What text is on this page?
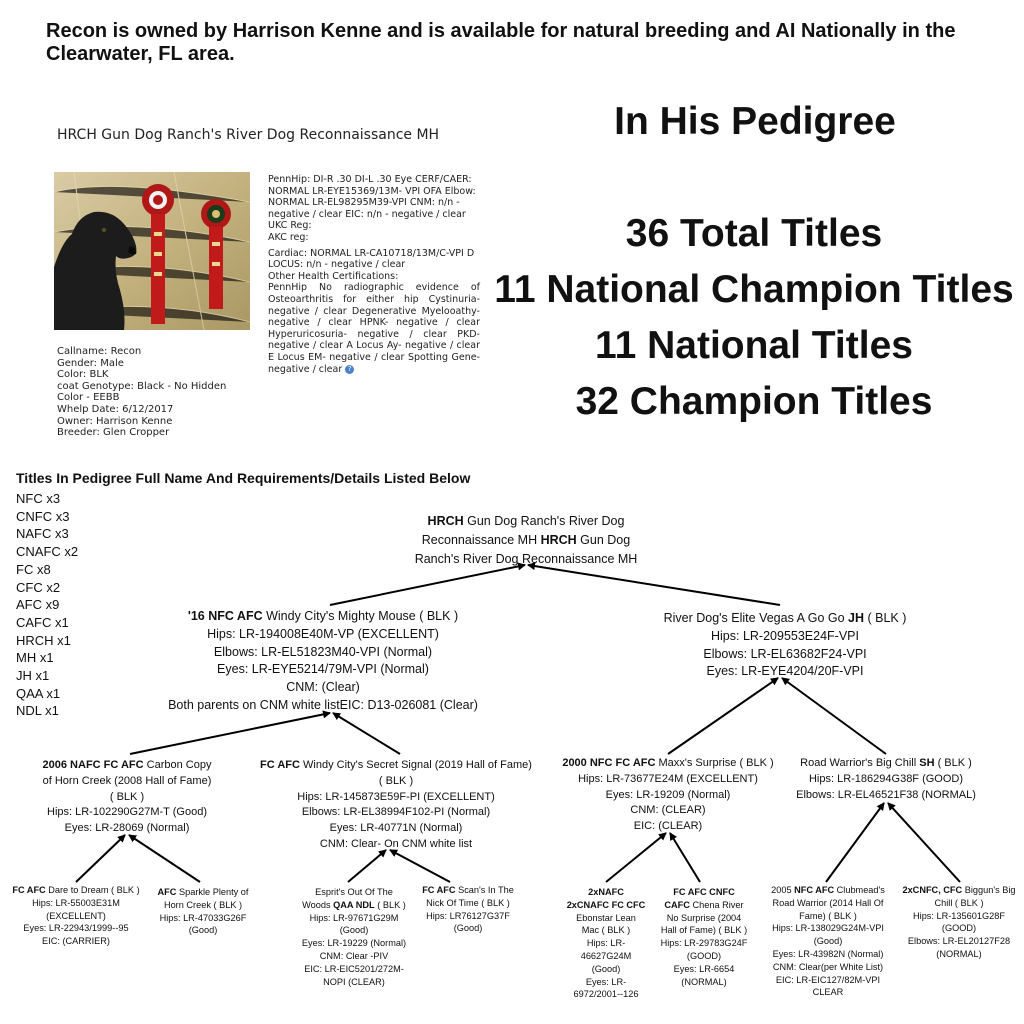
Recon is owned by Harrison Kenne and is available for natural breeding and AI Nationally in the Clearwater, FL area.
In His Pedigree
36 Total Titles
11 National Champion Titles
11 National Titles
32 Champion Titles
HRCH Gun Dog Ranch's River Dog Reconnaissance MH
Callname: Recon
Gender: Male
Color: BLK
coat Genotype: Black - No Hidden
Color - EEBB
Whelp Date: 6/12/2017
Owner: Harrison Kenne
Breeder: Glen Cropper

PennHip: DI-R .30 DI-L .30 Eye CERF/CAER: NORMAL LR-EYE15369/13M- VPI OFA Elbow: NORMAL LR-EL98295M39-VPI CNM: n/n - negative / clear EIC: n/n - negative / clear

UKC Reg:

AKC reg:

Cardiac: NORMAL LR-CA10718/13M/C-VPI D LOCUS: n/n - negative / clear

Other Health Certifications:

PennHip No radiographic evidence of Osteoarthritis for either hip Cystinuria-negative / clear Degenerative Myelooathy- negative / clear HPNK- negative / clear Hyperuricosuria- negative / clear PKD- negative / clear A Locus Ay- negative / clear E Locus EM- negative / clear Spotting Gene- negative / clear ?

Titles In Pedigree Full Name And Requirements/Details Listed Below
NFC x3
CNFC x3
NAFC x3
CNAFC x2
FC x8
CFC x2
AFC x9
CAFC x1
HRCH x1
MH x1
JH x1
QAA x1
NDL x1
HRCH Gun Dog Ranch's River Dog
Reconnaissance MH HRCH Gun Dog
Ranch's River Dog Reconnaissance MH
'16 NFC AFC Windy City's Mighty Mouse ( BLK )
Hips: LR-194008E40M-VP (EXCELLENT)
Elbows: LR-EL51823M40-VPI (Normal)
Eyes: LR-EYE5214/79M-VPI (Normal)
CNM: (Clear)
Both parents on CNM white listEIC: D13-026081 (Clear)
River Dog's Elite Vegas A Go Go JH ( BLK )
Hips: LR-209553E24F-VPI
Elbows: LR-EL63682F24-VPI
Eyes: LR-EYE4204/20F-VPI
2006 NAFC FC AFC Carbon Copy
of Horn Creek (2008 Hall of Fame)
( BLK )
Hips: LR-102290G27M-T (Good)
Eyes: LR-28069 (Normal)
FC AFC Windy City's Secret Signal (2019 Hall of Fame)
( BLK )
Hips: LR-145873E59F-PI (EXCELLENT)
Elbows: LR-EL38994F102-PI (Normal)
Eyes: LR-40771N (Normal)
CNM: Clear- On CNM white list
2000 NFC FC AFC Maxx's Surprise ( BLK )
Hips: LR-73677E24M (EXCELLENT)
Eyes: LR-19209 (Normal)
CNM: (CLEAR)
EIC: (CLEAR)
Road Warrior's Big Chill SH ( BLK )
Hips: LR-186294G38F (GOOD)
Elbows: LR-EL46521F38 (NORMAL)
FC AFC Dare to Dream ( BLK )
Hips: LR-55003E31M
(EXCELLENT)
Eyes: LR-22943/1999--95
EIC: (CARRIER)
AFC Sparkle Plenty of
Horn Creek ( BLK )
Hips: LR-47033G26F
(Good)
Esprit's Out Of The
Woods QAA NDL ( BLK )
Hips: LR-97671G29M
(Good)
Eyes: LR-19229 (Normal)
CNM: Clear -PIV
EIC: LR-EIC5201/272M-
NOPI (CLEAR)
FC AFC Scan's In The
Nick Of Time ( BLK )
Hips: LR76127G37F
(Good)
2xNAFC
2xCNAFC FC CFC
Ebonstar Lean
Mac ( BLK )
Hips: LR-
46627G24M
(Good)
Eyes: LR-
6972/2001--126
FC AFC CNFC
CAFC Chena River
No Surprise (2004
Hall of Fame) ( BLK )
Hips: LR-29783G24F
(GOOD)
Eyes: LR-6654
(NORMAL)
2005 NFC AFC Clubmead's
Road Warrior (2014 Hall Of
Fame) ( BLK )
Hips: LR-138029G24M-VPI
(Good)
Eyes: LR-43982N (Normal)
CNM: Clear(per White List)
EIC: LR-EIC127/82M-VPI
CLEAR
2xCNFC, CFC Biggun's Big
Chill ( BLK )
Hips: LR-135601G28F
(GOOD)
Elbows: LR-EL20127F28
(NORMAL)
